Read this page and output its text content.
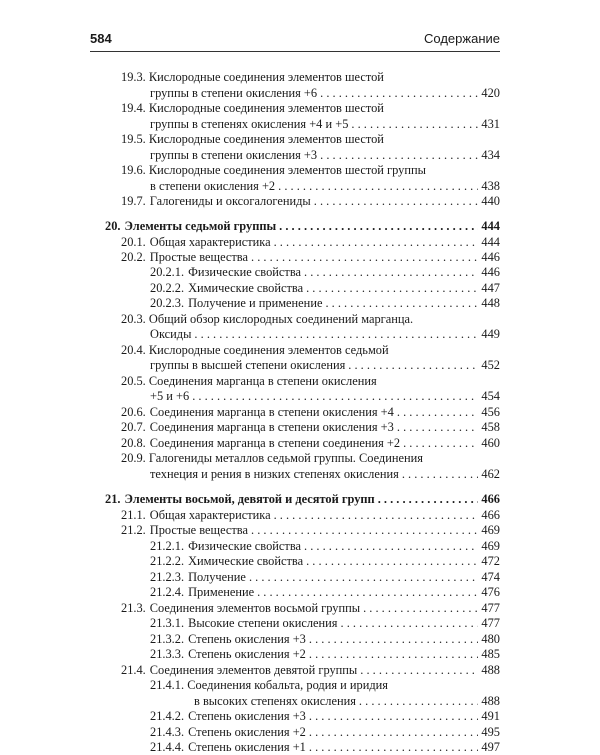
584	Содержание
19.3. Кислородные соединения элементов шестой
группы в степени окисления +6 . . .	420
19.4. Кислородные соединения элементов шестой
группы в степенях окисления +4 и +5 . . .	431
19.5. Кислородные соединения элементов шестой
группы в степени окисления +3 . . .	434
19.6. Кислородные соединения элементов шестой группы
в степени окисления +2 . . .	438
19.7. Галогениды и оксогалогениды . . .	440
20. Элементы седьмой группы . . .	444
20.1. Общая характеристика . . .	444
20.2. Простые вещества . . .	446
20.2.1. Физические свойства . . .	446
20.2.2. Химические свойства . . .	447
20.2.3. Получение и применение . . .	448
20.3. Общий обзор кислородных соединений марганца.
Оксиды . . .	449
20.4. Кислородные соединения элементов седьмой
группы в высшей степени окисления . . .	452
20.5. Соединения марганца в степени окисления
+5 и +6 . . .	454
20.6. Соединения марганца в степени окисления +4 . . .	456
20.7. Соединения марганца в степени окисления +3 . . .	458
20.8. Соединения марганца в степени соединения +2 . . .	460
20.9. Галогениды металлов седьмой группы. Соединения
технеция и рения в низких степенях окисления . . .	462
21. Элементы восьмой, девятой и десятой групп . . .	466
21.1. Общая характеристика . . .	466
21.2. Простые вещества . . .	469
21.2.1. Физические свойства . . .	469
21.2.2. Химические свойства . . .	472
21.2.3. Получение . . .	474
21.2.4. Применение . . .	476
21.3. Соединения элементов восьмой группы . . .	477
21.3.1. Высокие степени окисления . . .	477
21.3.2. Степень окисления +3 . . .	480
21.3.3. Степень окисления +2 . . .	485
21.4. Соединения элементов девятой группы . . .	488
21.4.1. Соединения кобальта, родия и иридия
в высоких степенях окисления . . .	488
21.4.2. Степень окисления +3 . . .	491
21.4.3. Степень окисления +2 . . .	495
21.4.4. Степень окисления +1 . . .	497
